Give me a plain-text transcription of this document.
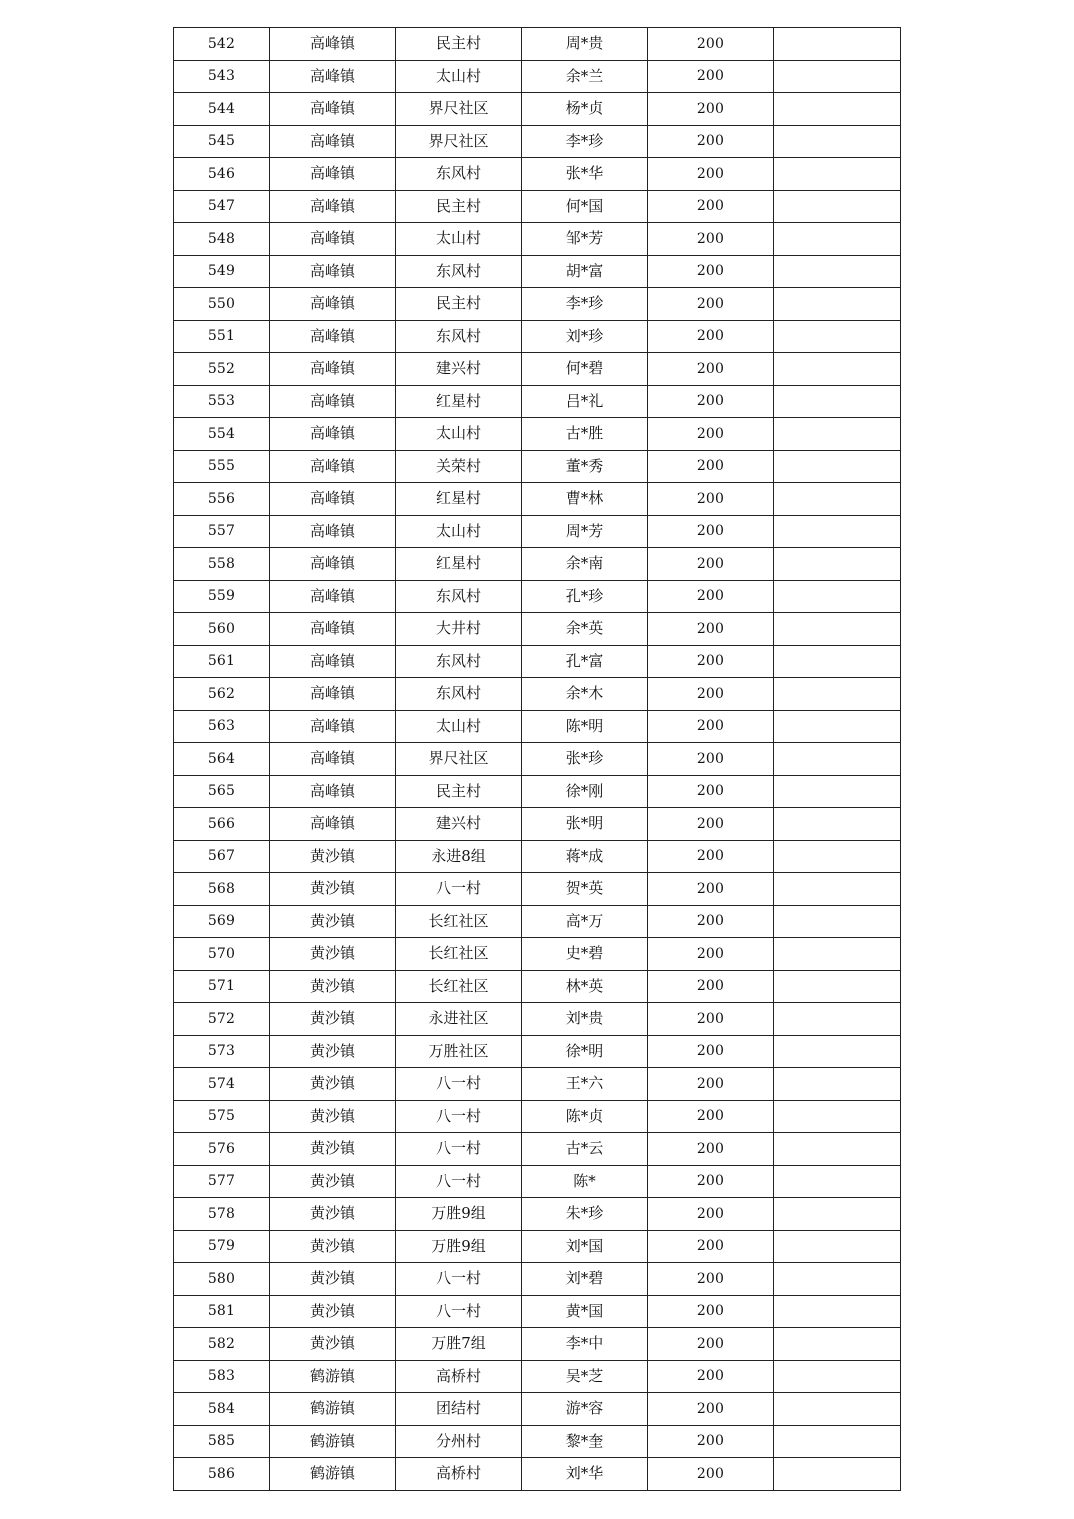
542	高峰镇	民主村	周*贵	200	
543	高峰镇	太山村	余*兰	200	
544	高峰镇	界尺社区	杨*贞	200	
545	高峰镇	界尺社区	李*珍	200	
546	高峰镇	东风村	张*华	200	
547	高峰镇	民主村	何*国	200	
548	高峰镇	太山村	邹*芳	200	
549	高峰镇	东风村	胡*富	200	
550	高峰镇	民主村	李*珍	200	
551	高峰镇	东风村	刘*珍	200	
552	高峰镇	建兴村	何*碧	200	
553	高峰镇	红星村	吕*礼	200	
554	高峰镇	太山村	古*胜	200	
555	高峰镇	关荣村	董*秀	200	
556	高峰镇	红星村	曹*林	200	
557	高峰镇	太山村	周*芳	200	
558	高峰镇	红星村	余*南	200	
559	高峰镇	东风村	孔*珍	200	
560	高峰镇	大井村	余*英	200	
561	高峰镇	东风村	孔*富	200	
562	高峰镇	东风村	余*木	200	
563	高峰镇	太山村	陈*明	200	
564	高峰镇	界尺社区	张*珍	200	
565	高峰镇	民主村	徐*刚	200	
566	高峰镇	建兴村	张*明	200	
567	黄沙镇	永进8组	蒋*成	200	
568	黄沙镇	八一村	贺*英	200	
569	黄沙镇	长红社区	高*万	200	
570	黄沙镇	长红社区	史*碧	200	
571	黄沙镇	长红社区	林*英	200	
572	黄沙镇	永进社区	刘*贵	200	
573	黄沙镇	万胜社区	徐*明	200	
574	黄沙镇	八一村	王*六	200	
575	黄沙镇	八一村	陈*贞	200	
576	黄沙镇	八一村	古*云	200	
577	黄沙镇	八一村	陈*	200	
578	黄沙镇	万胜9组	朱*珍	200	
579	黄沙镇	万胜9组	刘*国	200	
580	黄沙镇	八一村	刘*碧	200	
581	黄沙镇	八一村	黄*国	200	
582	黄沙镇	万胜7组	李*中	200	
583	鹤游镇	高桥村	吴*芝	200	
584	鹤游镇	团结村	游*容	200	
585	鹤游镇	分州村	黎*奎	200	
586	鹤游镇	高桥村	刘*华	200	
